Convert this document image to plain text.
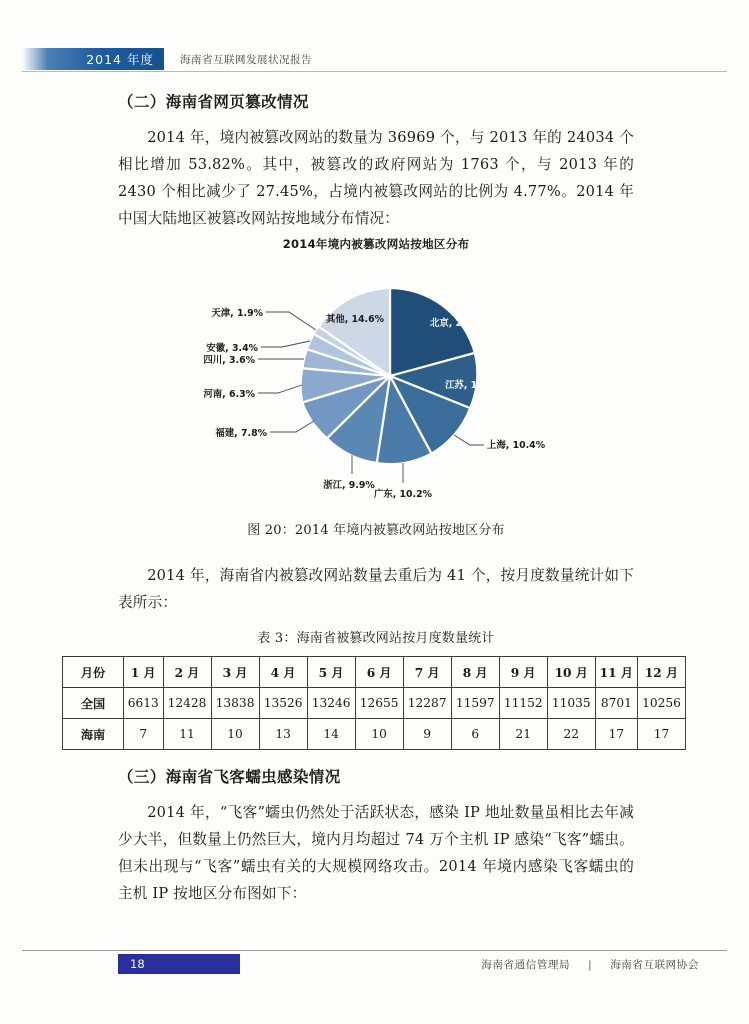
2014 年度 海南省互联网发展状况报告
（二）海南省网页篡改情况

2014 年，境内被篡改网站的数量为 36969 个，与 2013 年的 24034 个相比增加 53.82%。其中，被篡改的政府网站为 1763 个，与 2013 年的 2430 个相比减少了 27.45%，占境内被篡改网站的比例为 4.77%。2014 年中国大陆地区被篡改网站按地域分布情况：

2014年境内被篡改网站按地区分布
北京, 20.7%
江苏, 11.1%
上海, 10.4%
广东, 10.2%
浙江, 9.9%
福建, 7.8%
河南, 6.3%
四川, 3.6%
安徽, 3.4%
天津, 1.9%
其他, 14.6%
图 20：2014 年境内被篡改网站按地区分布

2014 年，海南省内被篡改网站数量去重后为 41 个，按月度数量统计如下表所示：

表 3：海南省被篡改网站按月度数量统计
月份	1 月	2 月	3 月	4 月	5 月	6 月	7 月	8 月	9 月	10 月	11 月	12 月
全国	6613	12428	13838	13526	13246	12655	12287	11597	11152	11035	8701	10256
海南	7	11	10	13	14	10	9	6	21	22	17	17
（三）海南省飞客蠕虫感染情况

2014 年，“飞客”蠕虫仍然处于活跃状态，感染 IP 地址数量虽相比去年减少大半，但数量上仍然巨大，境内月均超过 74 万个主机 IP 感染“飞客”蠕虫。但未出现与“飞客”蠕虫有关的大规模网络攻击。2014 年境内感染飞客蠕虫的主机 IP 按地区分布图如下：

18	海南省通信管理局 | 海南省互联网协会
